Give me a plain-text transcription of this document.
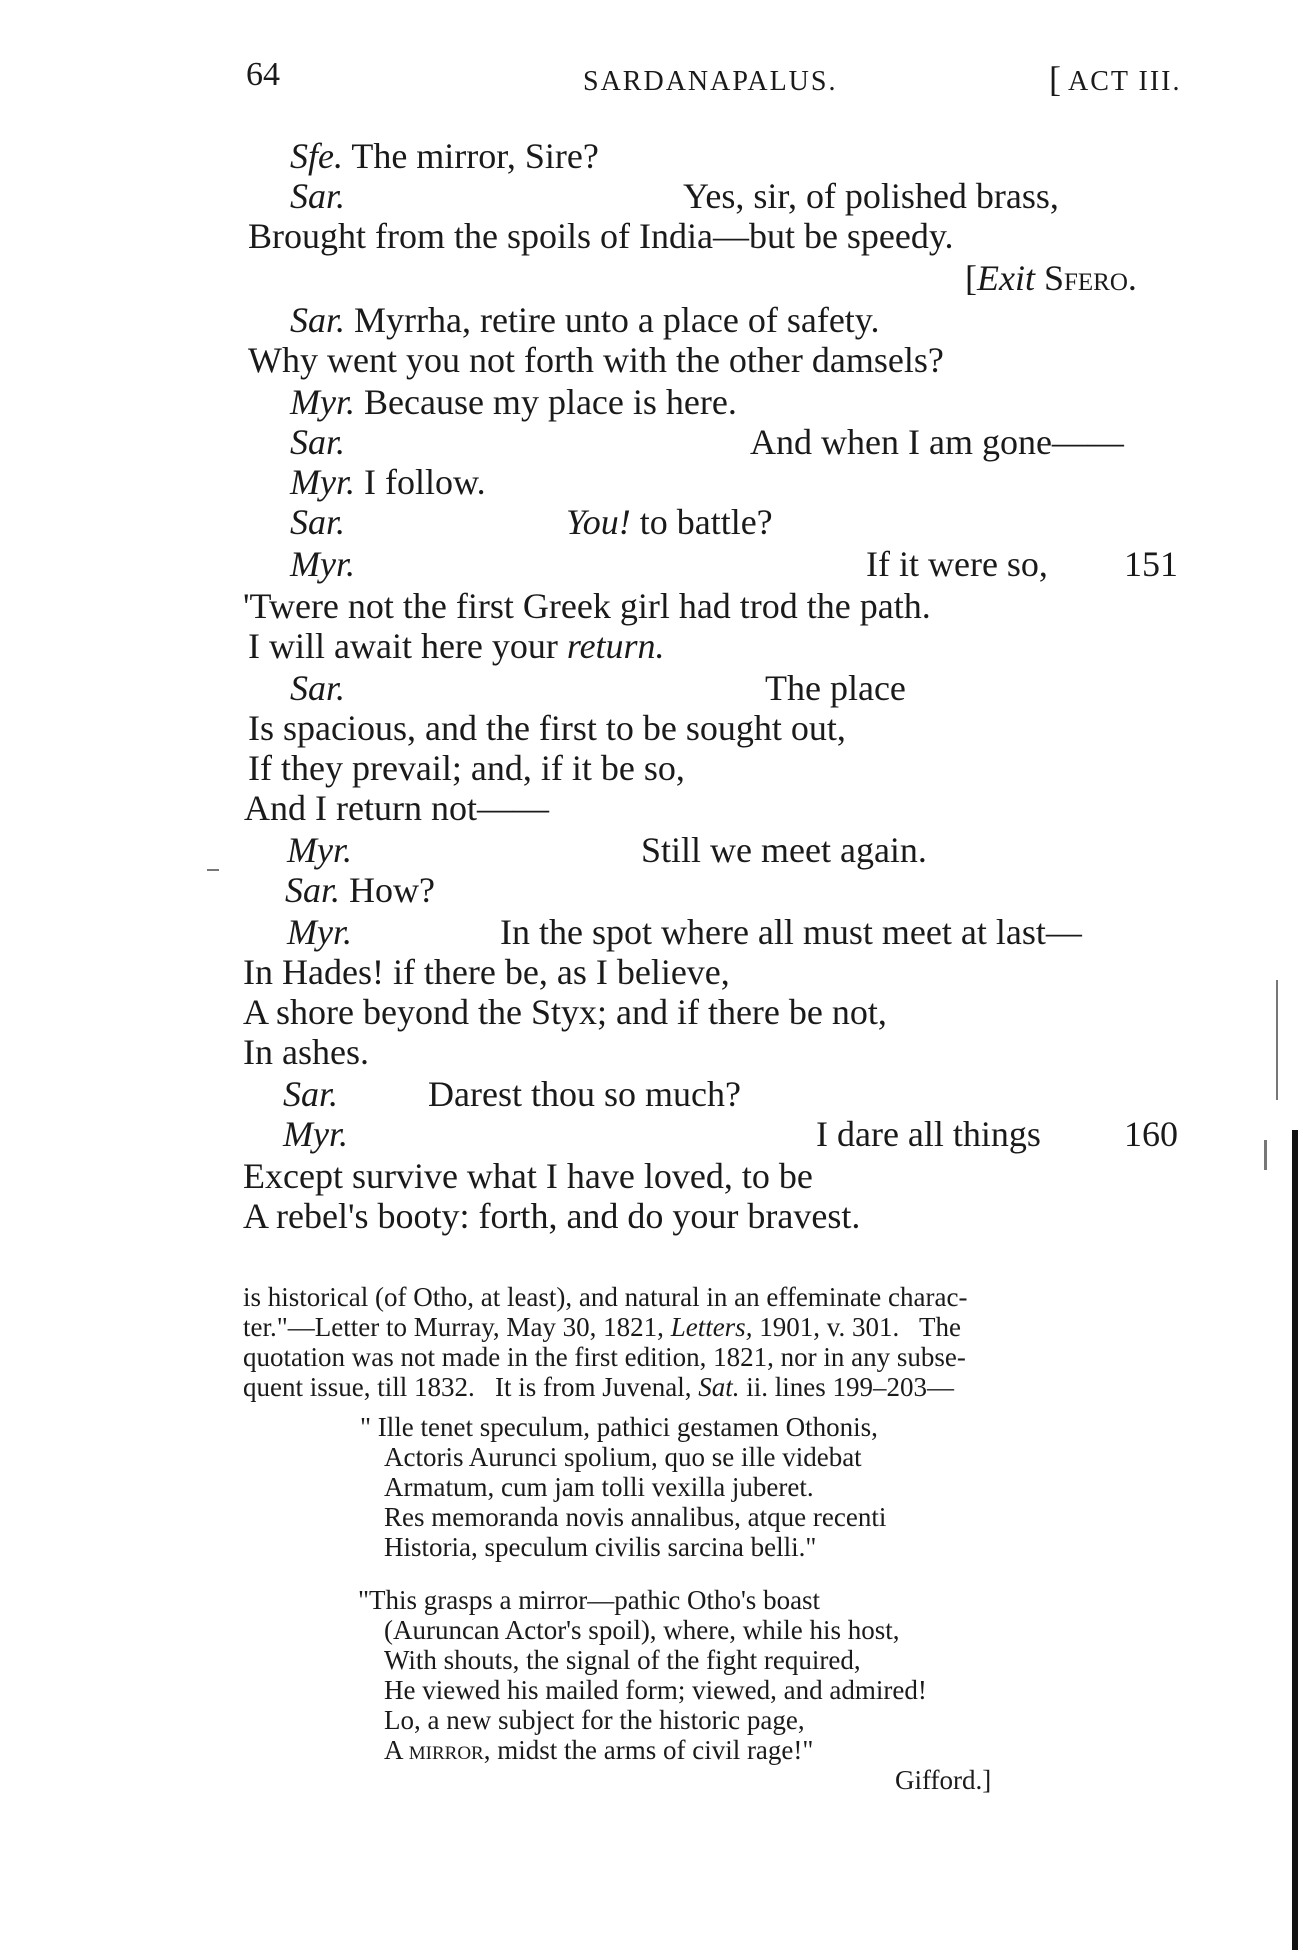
64	SARDANAPALUS.	[ ACT III.
Sfe. The mirror, Sire?
Sar.	Yes, sir, of polished brass,
Brought from the spoils of India—but be speedy.
[Exit Sfero.
Sar. Myrrha, retire unto a place of safety.
Why went you not forth with the other damsels?
Myr. Because my place is here.
Sar.	And when I am gone——
Myr. I follow.
Sar.	You! to battle?
Myr.	If it were so, 151
'Twere not the first Greek girl had trod the path.
I will await here your return.
Sar.	The place
Is spacious, and the first to be sought out,
If they prevail; and, if it be so,
And I return not——
Myr.	Still we meet again.
Sar. How?
Myr.	In the spot where all must meet at last—
In Hades! if there be, as I believe,
A shore beyond the Styx; and if there be not,
In ashes.
Sar. Darest thou so much?
Myr.	I dare all things 160
Except survive what I have loved, to be
A rebel's booty: forth, and do your bravest.
is historical (of Otho, at least), and natural in an effeminate charac-
ter."—Letter to Murray, May 30, 1821, Letters, 1901, v. 301.   The
quotation was not made in the first edition, 1821, nor in any subse-
quent issue, till 1832.   It is from Juvenal, Sat. ii. lines 199–203—
" Ille tenet speculum, pathici gestamen Othonis,
Actoris Aurunci spolium, quo se ille videbat
Armatum, cum jam tolli vexilla juberet.
Res memoranda novis annalibus, atque recenti
Historia, speculum civilis sarcina belli."
"This grasps a mirror—pathic Otho's boast
(Auruncan Actor's spoil), where, while his host,
With shouts, the signal of the fight required,
He viewed his mailed form; viewed, and admired!
Lo, a new subject for the historic page,
A mirror, midst the arms of civil rage!"
Gifford.]
